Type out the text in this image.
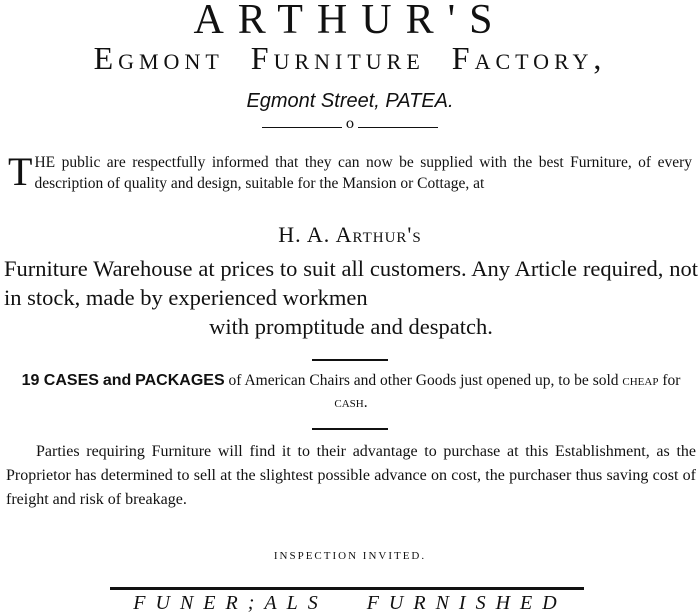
ARTHUR'S
Egmont Furniture Factory,
Egmont Street, PATEA.
o
THE public are respectfully informed that they can now be supplied with the best Furniture, of every description of quality and design, suitable for the Mansion or Cottage, at
H. A. Arthur's
Furniture Warehouse at prices to suit all customers. Any Article required, not in stock, made by experienced workmen
with promptitude and despatch.
19 CASES and PACKAGES of American Chairs and other Goods just opened up, to be sold cheap for cash.

Parties requiring Furniture will find it to their advantage to purchase at this Establishment, as the Proprietor has determined to sell at the slightest possible advance on cost, the purchaser thus saving cost of freight and risk of breakage.

INSPECTION INVITED.
FUNER;ALS FURNISHED
